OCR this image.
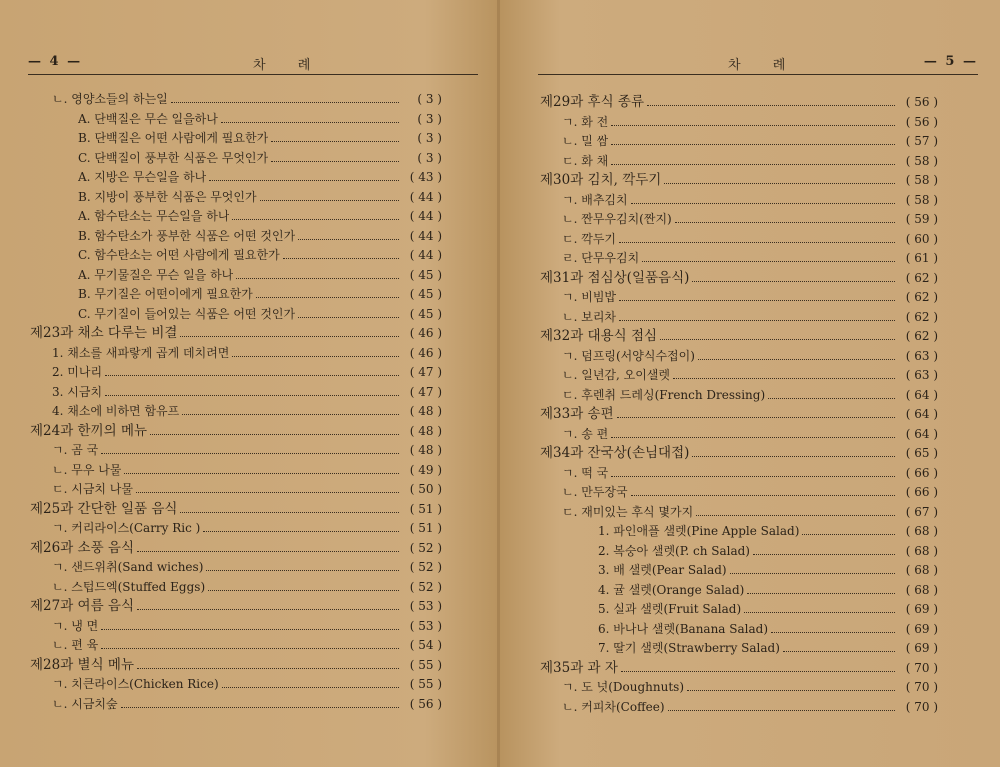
— 4 —	차 례	차 례	— 5 —
ㄴ. 영양소들의 하는일	( 3 )
A. 단백질은 무슨 일을하나	( 3 )
B. 단백질은 어떤 사람에게 필요한가	( 3 )
C. 단백질이 풍부한 식품은 무엇인가	( 3 )
A. 지방은 무슨일을 하나	( 43 )
B. 지방이 풍부한 식품은 무엇인가	( 44 )
A. 함수탄소는 무슨일을 하나	( 44 )
B. 함수탄소가 풍부한 식품은 어떤 것인가	( 44 )
C. 함수탄소는 어떤 사람에게 필요한가	( 44 )
A. 무기물질은 무슨 일을 하나	( 45 )
B. 무기질은 어떤이에게 필요한가	( 45 )
C. 무기질이 들어있는 식품은 어떤 것인가	( 45 )
제23과 채소 다루는 비결	( 46 )
1. 채소를 새파랗게 곱게 데치려면	( 46 )
2. 미나리	( 47 )
3. 시금치	( 47 )
4. 채소에 비하면 함유프	( 48 )
제24과 한끼의 메뉴	( 48 )
ㄱ. 곰 국	( 48 )
ㄴ. 무우 나물	( 49 )
ㄷ. 시금치 나물	( 50 )
제25과 간단한 일품 음식	( 51 )
ㄱ. 커리라이스(Carry Ric )	( 51 )
제26과 소풍 음식	( 52 )
ㄱ. 샌드위취(Sand wiches)	( 52 )
ㄴ. 스텁드엑(Stuffed Eggs)	( 52 )
제27과 여름 음식	( 53 )
ㄱ. 냉 면	( 53 )
ㄴ. 편 육	( 54 )
제28과 별식 메뉴	( 55 )
ㄱ. 치큰라이스(Chicken Rice)	( 55 )
ㄴ. 시금치숲	( 56 )
제29과 후식 종류	( 56 )
ㄱ. 화 전	( 56 )
ㄴ. 밀 쌈	( 57 )
ㄷ. 화 채	( 58 )
제30과 김치, 깍두기	( 58 )
ㄱ. 배추김치	( 58 )
ㄴ. 짠무우김치(짠지)	( 59 )
ㄷ. 깍두기	( 60 )
ㄹ. 단무우김치	( 61 )
제31과 점심상(일품음식)	( 62 )
ㄱ. 비빔밥	( 62 )
ㄴ. 보리차	( 62 )
제32과 대용식 점심	( 62 )
ㄱ. 덤프링(서양식수접이)	( 63 )
ㄴ. 일년감, 오이샐렛	( 63 )
ㄷ. 후렌취 드레싱(French Dressing)	( 64 )
제33과 송편	( 64 )
ㄱ. 송 편	( 64 )
제34과 잔국상(손님대접)	( 65 )
ㄱ. 떡 국	( 66 )
ㄴ. 만두장국	( 66 )
ㄷ. 재미있는 후식 몇가지	( 67 )
1. 파인애플 샐렛(Pine Apple Salad)	( 68 )
2. 복숭아 샐렛(P. ch Salad)	( 68 )
3. 배 샐렛(Pear Salad)	( 68 )
4. 귤 샐렛(Orange Salad)	( 68 )
5. 실과 샐렛(Fruit Salad)	( 69 )
6. 바나나 샐렛(Banana Salad)	( 69 )
7. 딸기 샐렛(Strawberry Salad)	( 69 )
제35과 과 자	( 70 )
ㄱ. 도 넛(Doughnuts)	( 70 )
ㄴ. 커피차(Coffee)	( 70 )
